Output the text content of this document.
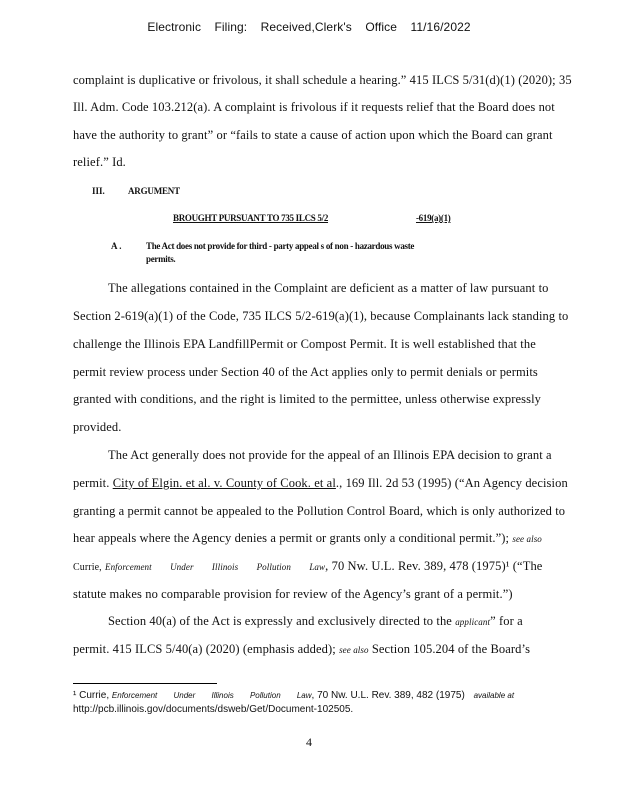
Electronic Filing: Received,Clerk's Office 11/16/2022
complaint is duplicative or frivolous, it shall schedule a hearing.” 415 ILCS 5/31(d)(1) (2020); 35
Ill. Adm. Code 103.212(a). A complaint is frivolous if it requests relief that the Board does not
have the authority to grant” or “fails to state a cause of action upon which the Board can grant
relief.” Id.
III.	ARGUMENT
BROUGHT PURSUANT TO 735 ILCS 5/2	-619(a)(1)
A .	The Act does not provide for third - party appeal s of non - hazardous waste
permits.
The allegations contained in the Complaint are deficient as a matter of law pursuant to
Section 2-619(a)(1) of the Code, 735 ILCS 5/2-619(a)(1), because Complainants lack standing to
challenge the Illinois EPA LandfillPermit or Compost Permit. It is well established that the
permit review process under Section 40 of the Act applies only to permit denials or permits
granted with conditions, and the right is limited to the permittee, unless otherwise expressly
provided.
The Act generally does not provide for the appeal of an Illinois EPA decision to grant a
permit. City of Elgin. et al. v. County of Cook. et al., 169 Ill. 2d 53 (1995) (“An Agency decision
granting a permit cannot be appealed to the Pollution Control Board, which is only authorized to
hear appeals where the Agency denies a permit or grants only a conditional permit.”); see also
Currie, Enforcement Under Illinois Pollution Law, 70 Nw. U.L. Rev. 389, 478 (1975)¹ (“The
statute makes no comparable provision for review of the Agency’s grant of a permit.”)
Section 40(a) of the Act is expressly and exclusively directed to the applicant” for a
permit. 415 ILCS 5/40(a) (2020) (emphasis added); see also Section 105.204 of the Board’s
¹ Currie, Enforcement Under Illinois Pollution Law, 70 Nw. U.L. Rev. 389, 482 (1975) available at
http://pcb.illinois.gov/documents/dsweb/Get/Document-102505.
4
